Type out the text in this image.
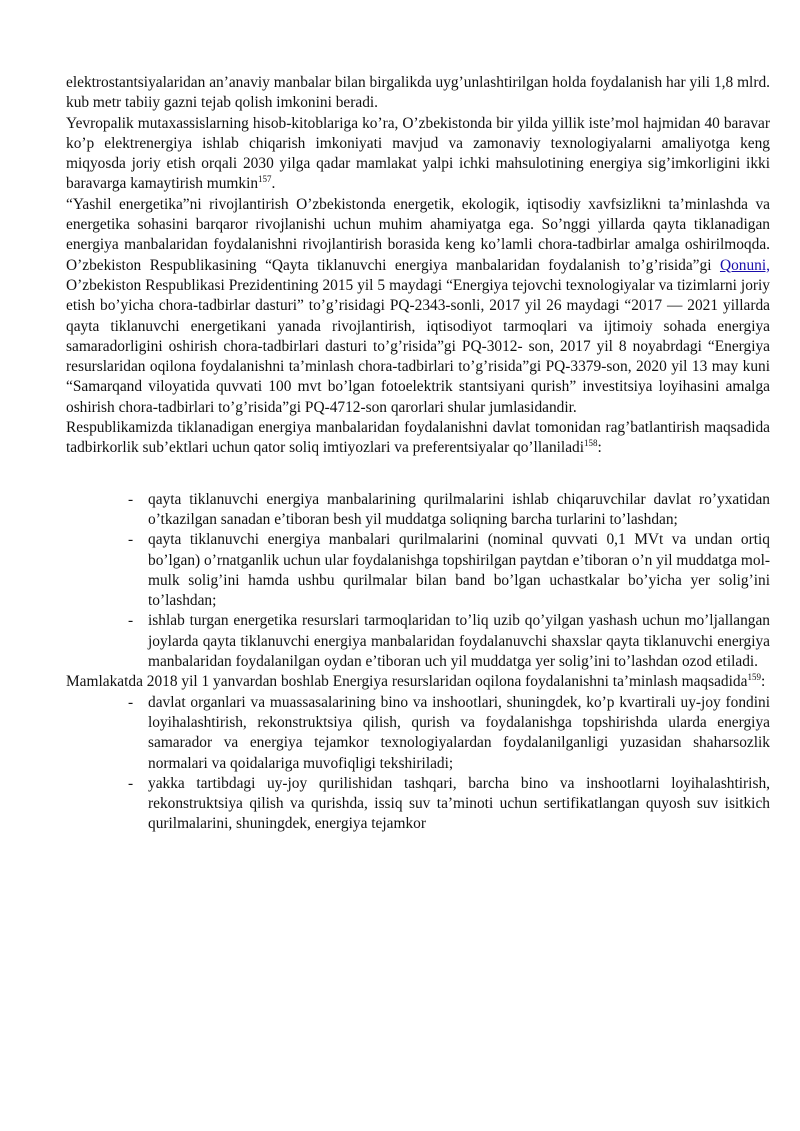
elektrostantsiyalaridan an’anaviy manbalar bilan birgalikda uyg’unlashtirilgan holda foydalanish har yili 1,8 mlrd. kub metr tabiiy gazni tejab qolish imkonini beradi.

Yevropalik mutaxassislarning hisob-kitoblariga ko’ra, O’zbekistonda bir yilda yillik iste’mol hajmidan 40 baravar ko’p elektrenergiya ishlab chiqarish imkoniyati mavjud va zamonaviy texnologiyalarni amaliyotga keng miqyosda joriy etish orqali 2030 yilga qadar mamlakat yalpi ichki mahsulotining energiya sig’imkorligini ikki baravarga kamaytirish mumkin$^{157}$.

“Yashil energetika”ni rivojlantirish O’zbekistonda energetik, ekologik, iqtisodiy xavfsizlikni ta’minlashda va energetika sohasini barqaror rivojlanishi uchun muhim ahamiyatga ega. So’nggi yillarda qayta tiklanadigan energiya manbalaridan foydalanishni rivojlantirish borasida keng ko’lamli chora-tadbirlar amalga oshirilmoqda. O’zbekiston Respublikasining “Qayta tiklanuvchi energiya manbalaridan foydalanish to’g’risida”gi Qonuni, O’zbekiston Respublikasi Prezidentining 2015 yil 5 maydagi “Energiya tejovchi texnologiyalar va tizimlarni joriy etish bo’yicha chora-tadbirlar dasturi” to’g’risidagi PQ-2343-sonli, 2017 yil 26 maydagi “2017 — 2021 yillarda qayta tiklanuvchi energetikani yanada rivojlantirish, iqtisodiyot tarmoqlari va ijtimoiy sohada energiya samaradorligini oshirish chora-tadbirlari dasturi to’g’risida”gi PQ-3012- son, 2017 yil 8 noyabrdagi “Energiya resurslaridan oqilona foydalanishni ta’minlash chora-tadbirlari to’g’risida”gi PQ-3379-son, 2020 yil 13 may kuni “Samarqand viloyatida quvvati 100 mvt bo’lgan fotoelektrik stantsiyani qurish” investitsiya loyihasini amalga oshirish chora-tadbirlari to’g’risida”gi PQ-4712-son qarorlari shular jumlasidandir.

Respublikamizda tiklanadigan energiya manbalaridan foydalanishni davlat tomonidan rag’batlantirish maqsadida tadbirkorlik sub’ektlari uchun qator soliq imtiyozlari va preferentsiyalar qo’llaniladi$^{158}$:

- qayta tiklanuvchi energiya manbalarining qurilmalarini ishlab chiqaruvchilar davlat ro’yxatidan o’tkazilgan sanadan e’tiboran besh yil muddatga soliqning barcha turlarini to’lashdan;
- qayta tiklanuvchi energiya manbalari qurilmalarini (nominal quvvati 0,1 MVt va undan ortiq bo’lgan) o’rnatganlik uchun ular foydalanishga topshirilgan paytdan e’tiboran o’n yil muddatga mol-mulk solig’ini hamda ushbu qurilmalar bilan band bo’lgan uchastkalar bo’yicha yer solig’ini to’lashdan;
- ishlab turgan energetika resurslari tarmoqlaridan to’liq uzib qo’yilgan yashash uchun mo’ljallangan joylarda qayta tiklanuvchi energiya manbalaridan foydalanuvchi shaxslar qayta tiklanuvchi energiya manbalaridan foydalanilgan oydan e’tiboran uch yil muddatga yer solig’ini to’lashdan ozod etiladi.

Mamlakatda 2018 yil 1 yanvardan boshlab Energiya resurslaridan oqilona foydalanishni ta’minlash maqsadida$^{159}$:

- davlat organlari va muassasalarining bino va inshootlari, shuningdek, ko’p kvartirali uy-joy fondini loyihalashtirish, rekonstruktsiya qilish, qurish va foydalanishga topshirishda ularda energiya samarador va energiya tejamkor texnologiyalardan foydalanilganligi yuzasidan shaharsozlik normalari va qoidalariga muvofiqligi tekshiriladi;
- yakka tartibdagi uy-joy qurilishidan tashqari, barcha bino va inshootlarni loyihalashtirish, rekonstruktsiya qilish va qurishda, issiq suv ta’minoti uchun sertifikatlangan quyosh suv isitkich qurilmalarini, shuningdek, energiya tejamkor
